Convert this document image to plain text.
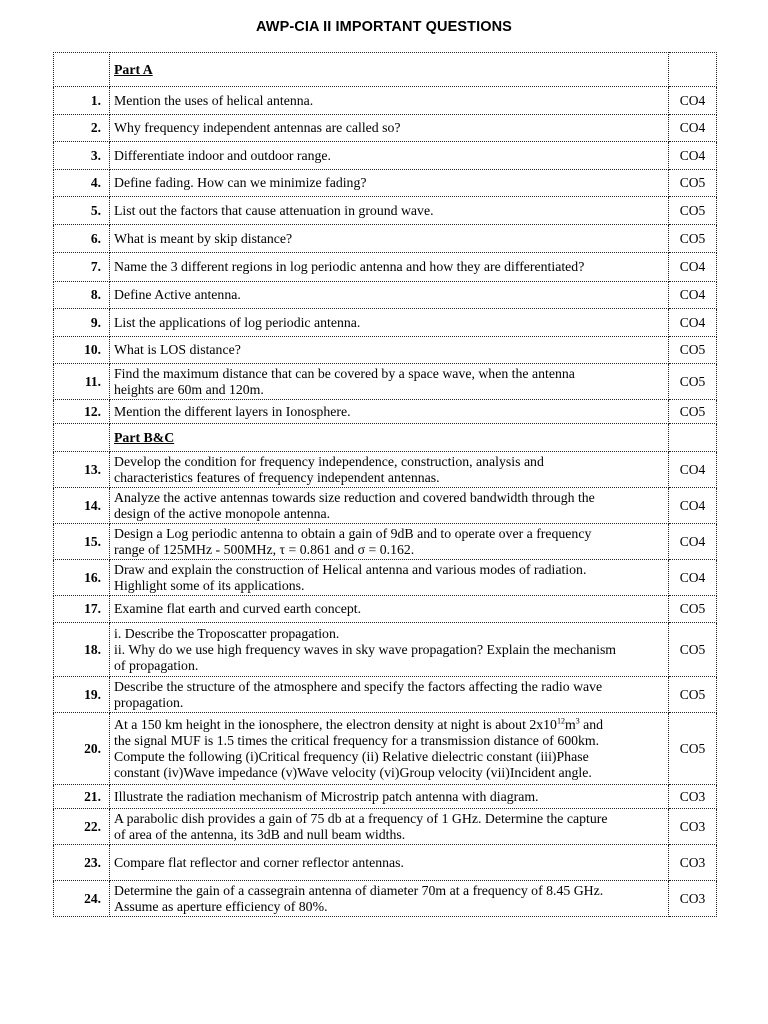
AWP-CIA II IMPORTANT QUESTIONS
	Part A	
1.	Mention the uses of helical antenna.	CO4
2.	Why frequency independent antennas are called so?	CO4
3.	Differentiate indoor and outdoor range.	CO4
4.	Define fading. How can we minimize fading?	CO5
5.	List out the factors that cause attenuation in ground wave.	CO5
6.	What is meant by skip distance?	CO5
7.	Name the 3 different regions in log periodic antenna and how they are differentiated?	CO4
8.	Define Active antenna.	CO4
9.	List the applications of log periodic antenna.	CO4
10.	What is LOS distance?	CO5
11.	Find the maximum distance that can be covered by a space wave, when the antenna
heights are 60m and 120m.	CO5
12.	Mention the different layers in Ionosphere.	CO5
	Part B&C	
13.	Develop the condition for frequency independence, construction, analysis and
characteristics features of frequency independent antennas.	CO4
14.	Analyze the active antennas towards size reduction and covered bandwidth through the
design of the active monopole antenna.	CO4
15.	Design a Log periodic antenna to obtain a gain of 9dB and to operate over a frequency
range of 125MHz - 500MHz, τ = 0.861 and σ = 0.162.	CO4
16.	Draw and explain the construction of Helical antenna and various modes of radiation.
Highlight some of its applications.	CO4
17.	Examine flat earth and curved earth concept.	CO5
18.	i. Describe the Troposcatter propagation.
ii. Why do we use high frequency waves in sky wave propagation? Explain the mechanism
of propagation.	CO5
19.	Describe the structure of the atmosphere and specify the factors affecting the radio wave
propagation.	CO5
20.	At a 150 km height in the ionosphere, the electron density at night is about $2x10^{12}m^3$ and
the signal MUF is 1.5 times the critical frequency for a transmission distance of 600km.
Compute the following (i)Critical frequency (ii) Relative dielectric constant (iii)Phase
constant (iv)Wave impedance (v)Wave velocity (vi)Group velocity (vii)Incident angle.	CO5
21.	Illustrate the radiation mechanism of Microstrip patch antenna with diagram.	CO3
22.	A parabolic dish provides a gain of 75 db at a frequency of 1 GHz. Determine the capture
of area of the antenna, its 3dB and null beam widths.	CO3
23.	Compare flat reflector and corner reflector antennas.	CO3
24.	Determine the gain of a cassegrain antenna of diameter 70m at a frequency of 8.45 GHz.
Assume as aperture efficiency of 80%.	CO3
